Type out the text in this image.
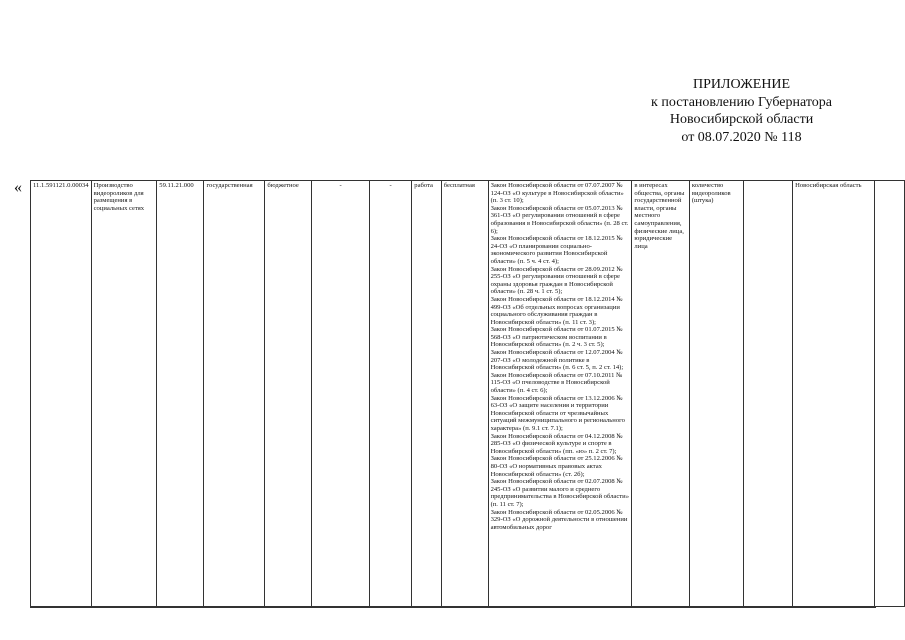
ПРИЛОЖЕНИЕ
к постановлению Губернатора
Новосибирской области
от 08.07.2020 № 118
« 11.1.591121.0.00034	Производство видеороликов для размещения в социальных сетях	59.11.21.000	государственная	бюджетное	-	-	работа	бесплатная	Закон Новосибирской области от 07.07.2007 № 124-ОЗ «О культуре в Новосибирской области» (п. 3 ст. 10);
Закон Новосибирской области от 05.07.2013 № 361-ОЗ «О регулировании отношений в сфере образования в Новосибирской области» (п. 28 ст. 6);
Закон Новосибирской области от 18.12.2015 № 24-ОЗ «О планировании социально-экономического развития Новосибирской области» (п. 5 ч. 4 ст. 4);
Закон Новосибирской области от 28.09.2012 № 255-ОЗ «О регулировании отношений в сфере охраны здоровья граждан в Новосибирской области» (п. 28 ч. 1 ст. 5);
Закон Новосибирской области от 18.12.2014 № 499-ОЗ «Об отдельных вопросах организации социального обслуживания граждан в Новосибирской области» (п. 11 ст. 3);
Закон Новосибирской области от 01.07.2015 № 568-ОЗ «О патриотическом воспитании в Новосибирской области» (п. 2 ч. 3 ст. 5);
Закон Новосибирской области от 12.07.2004 № 207-ОЗ «О молодежной политике в Новосибирской области» (п. 6 ст. 5, п. 2 ст. 14);
Закон Новосибирской области от 07.10.2011 № 115-ОЗ «О пчеловодстве в Новосибирской области» (п. 4 ст. 6);
Закон Новосибирской области от 13.12.2006 № 63-ОЗ «О защите населения и территории Новосибирской области от чрезвычайных ситуаций межмуниципального и регионального характера» (п. 9.1 ст. 7.1);
Закон Новосибирской области от 04.12.2008 № 285-ОЗ «О физической культуре и спорте в Новосибирской области» (пп. «ю» п. 2 ст. 7);
Закон Новосибирской области от 25.12.2006 № 80-ОЗ «О нормативных правовых актах Новосибирской области» (ст. 2б);
Закон Новосибирской области от 02.07.2008 № 245-ОЗ «О развитии малого и среднего предпринимательства в Новосибирской области» (п. 11 ст. 7);
Закон Новосибирской области от 02.05.2006 № 329-ОЗ «О дорожной деятельности в отношении автомобильных дорог	в интересах общества, органы государственной власти, органы местного самоуправления, физические лица, юридические лица	количество видеороликов (штука)		Новосибирская область	
